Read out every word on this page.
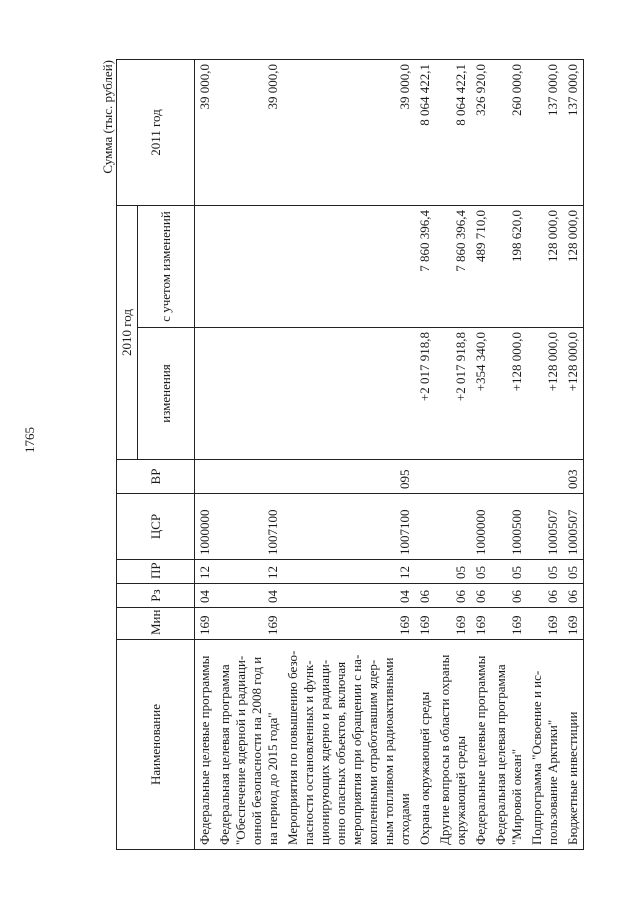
1765
Сумма (тыс. рублей)
Наименование	Мин	Рз	ПР	ЦСР	ВР	2010 год		2011 год
						изменения	с учетом изменений	
Федеральные целевые программы	169	04	12	1000000				39 000,0
Федеральная целевая программа "Обеспечение ядерной и радиаци-онной безопасности на 2008 год и на период до 2015 года"	169	04	12	1007100				39 000,0
Мероприятия по повышению безо-пасности остановленных и функ-ционирующих ядерно и радиаци-онно опасных объектов, включая мероприятия при обращении с на-копленными отработавшим ядер-ным топливом и радиоактивными отходами	169	04	12	1007100	095			39 000,0
Охрана окружающей среды	169	06				+2 017 918,8	7 860 396,4	8 064 422,1
Другие вопросы в области охраны окружающей среды	169	06	05			+2 017 918,8	7 860 396,4	8 064 422,1
Федеральные целевые программы	169	06	05	1000000		+354 340,0	489 710,0	326 920,0
Федеральная целевая программа "Мировой океан"	169	06	05	1000500		+128 000,0	198 620,0	260 000,0
Подпрограмма "Освоение и ис-пользование Арктики"	169	06	05	1000507		+128 000,0	128 000,0	137 000,0
Бюджетные инвестиции	169	06	05	1000507	003	+128 000,0	128 000,0	137 000,0
